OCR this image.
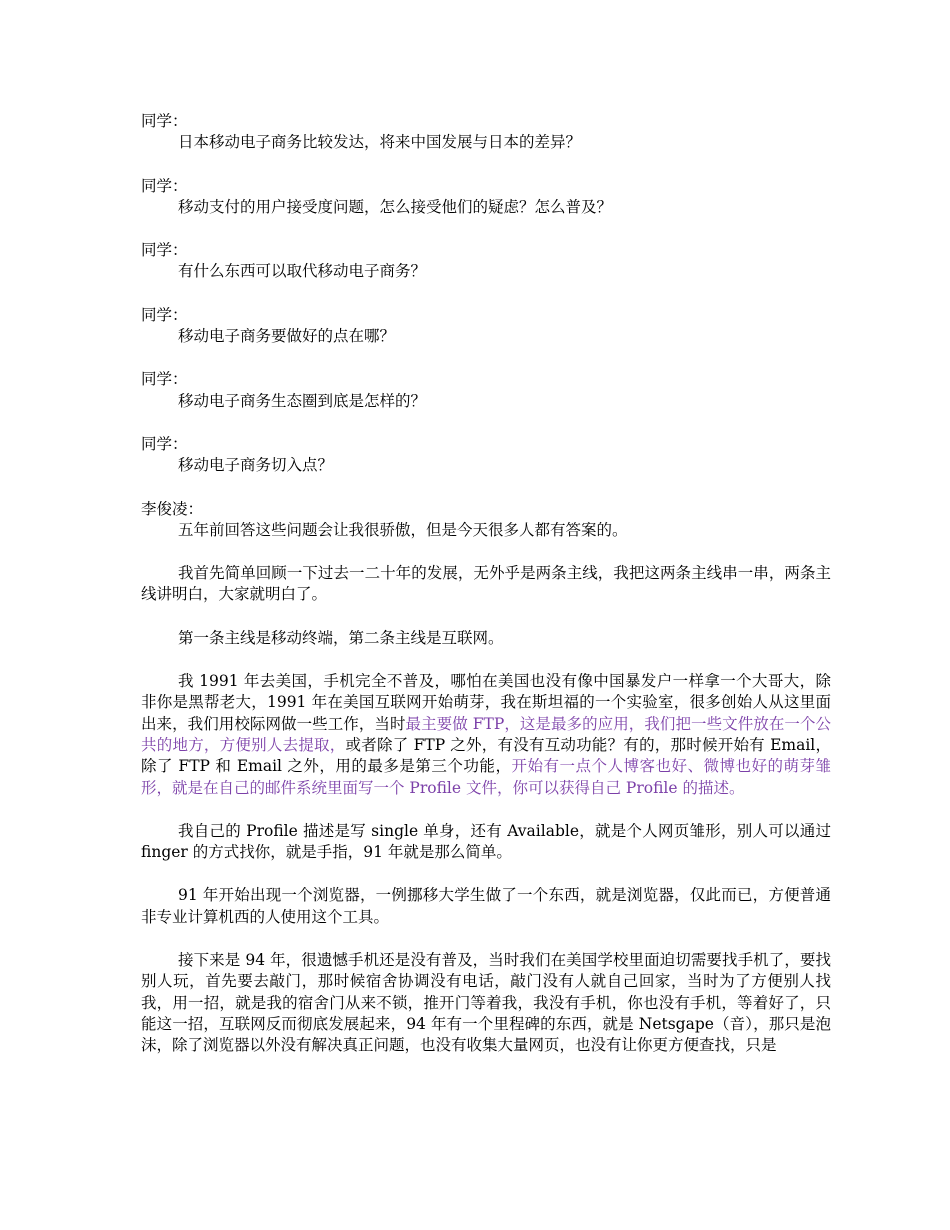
同学：
日本移动电子商务比较发达，将来中国发展与日本的差异？
同学：
移动支付的用户接受度问题，怎么接受他们的疑虑？怎么普及？
同学：
有什么东西可以取代移动电子商务？
同学：
移动电子商务要做好的点在哪？
同学：
移动电子商务生态圈到底是怎样的？
同学：
移动电子商务切入点？
李俊凌：
五年前回答这些问题会让我很骄傲，但是今天很多人都有答案的。

我首先简单回顾一下过去一二十年的发展，无外乎是两条主线，我把这两条主线串一串，两条主线讲明白，大家就明白了。

第一条主线是移动终端，第二条主线是互联网。

我 1991 年去美国，手机完全不普及，哪怕在美国也没有像中国暴发户一样拿一个大哥大，除非你是黑帮老大，1991 年在美国互联网开始萌芽，我在斯坦福的一个实验室，很多创始人从这里面出来，我们用校际网做一些工作，当时最主要做 FTP，这是最多的应用，我们把一些文件放在一个公共的地方，方便别人去提取，或者除了 FTP 之外，有没有互动功能？有的，那时候开始有 Email，除了 FTP 和 Email 之外，用的最多是第三个功能，开始有一点个人博客也好、微博也好的萌芽雏形，就是在自己的邮件系统里面写一个 Profile 文件，你可以获得自己 Profile 的描述。

我自己的 Profile 描述是写 single 单身，还有 Available，就是个人网页雏形，别人可以通过 finger 的方式找你，就是手指，91 年就是那么简单。

91 年开始出现一个浏览器，一例挪移大学生做了一个东西，就是浏览器，仅此而已，方便普通非专业计算机西的人使用这个工具。

接下来是 94 年，很遗憾手机还是没有普及，当时我们在美国学校里面迫切需要找手机了，要找别人玩，首先要去敲门，那时候宿舍协调没有电话，敲门没有人就自己回家，当时为了方便别人找我，用一招，就是我的宿舍门从来不锁，推开门等着我，我没有手机，你也没有手机，等着好了，只能这一招，互联网反而彻底发展起来，94 年有一个里程碑的东西，就是 Netsgape（音），那只是泡沫，除了浏览器以外没有解决真正问题，也没有收集大量网页，也没有让你更方便查找，只是
